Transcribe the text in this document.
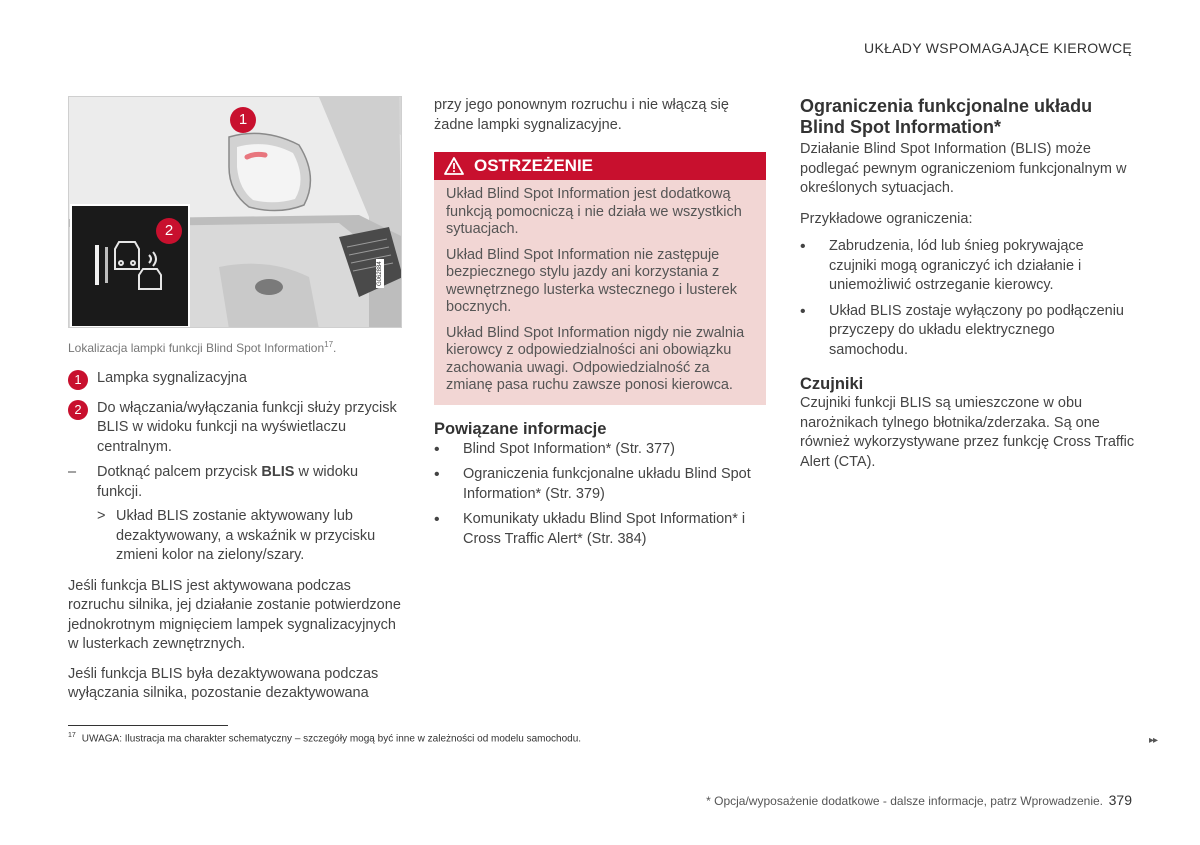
UKŁADY WSPOMAGAJĄCE KIEROWCĘ
1
2
G062884
Lokalizacja lampki funkcji Blind Spot Information$^{17}$.
1	Lampka sygnalizacyjna
2	Do włączania/wyłączania funkcji służy przycisk BLIS w widoku funkcji na wyświetlaczu centralnym.
– Dotknąć palcem przycisk BLIS w widoku funkcji.
> Układ BLIS zostanie aktywowany lub dezaktywowany, a wskaźnik w przycisku zmieni kolor na zielony/szary.

Jeśli funkcja BLIS jest aktywowana podczas rozruchu silnika, jej działanie zostanie potwierdzone jednokrotnym mignięciem lampek sygnalizacyjnych w lusterkach zewnętrznych.

Jeśli funkcja BLIS była dezaktywowana podczas wyłączania silnika, pozostanie dezaktywowana

przy jego ponownym rozruchu i nie włączą się żadne lampki sygnalizacyjne.

OSTRZEŻENIE

Układ Blind Spot Information jest dodatkową funkcją pomocniczą i nie działa we wszystkich sytuacjach.

Układ Blind Spot Information nie zastępuje bezpiecznego stylu jazdy ani korzystania z wewnętrznego lusterka wstecznego i lusterek bocznych.

Układ Blind Spot Information nigdy nie zwalnia kierowcy z odpowiedzialności ani obowiązku zachowania uwagi. Odpowiedzialność za zmianę pasa ruchu zawsze ponosi kierowca.

Powiązane informacje
• Blind Spot Information* (Str. 377)
• Ograniczenia funkcjonalne układu Blind Spot Information* (Str. 379)
• Komunikaty układu Blind Spot Information* i Cross Traffic Alert* (Str. 384)
Ograniczenia funkcjonalne układu Blind Spot Information*

Działanie Blind Spot Information (BLIS) może podlegać pewnym ograniczeniom funkcjonalnym w określonych sytuacjach.

Przykładowe ograniczenia:

• Zabrudzenia, lód lub śnieg pokrywające czujniki mogą ograniczyć ich działanie i uniemożliwić ostrzeganie kierowcy.
• Układ BLIS zostaje wyłączony po podłączeniu przyczepy do układu elektrycznego samochodu.
Czujniki

Czujniki funkcji BLIS są umieszczone w obu narożnikach tylnego błotnika/zderzaka. Są one również wykorzystywane przez funkcję Cross Traffic Alert (CTA).

$^{17}$ UWAGA: Ilustracja ma charakter schematyczny – szczegóły mogą być inne w zależności od modelu samochodu.	▸▸
* Opcja/wyposażenie dodatkowe - dalsze informacje, patrz Wprowadzenie. 379
